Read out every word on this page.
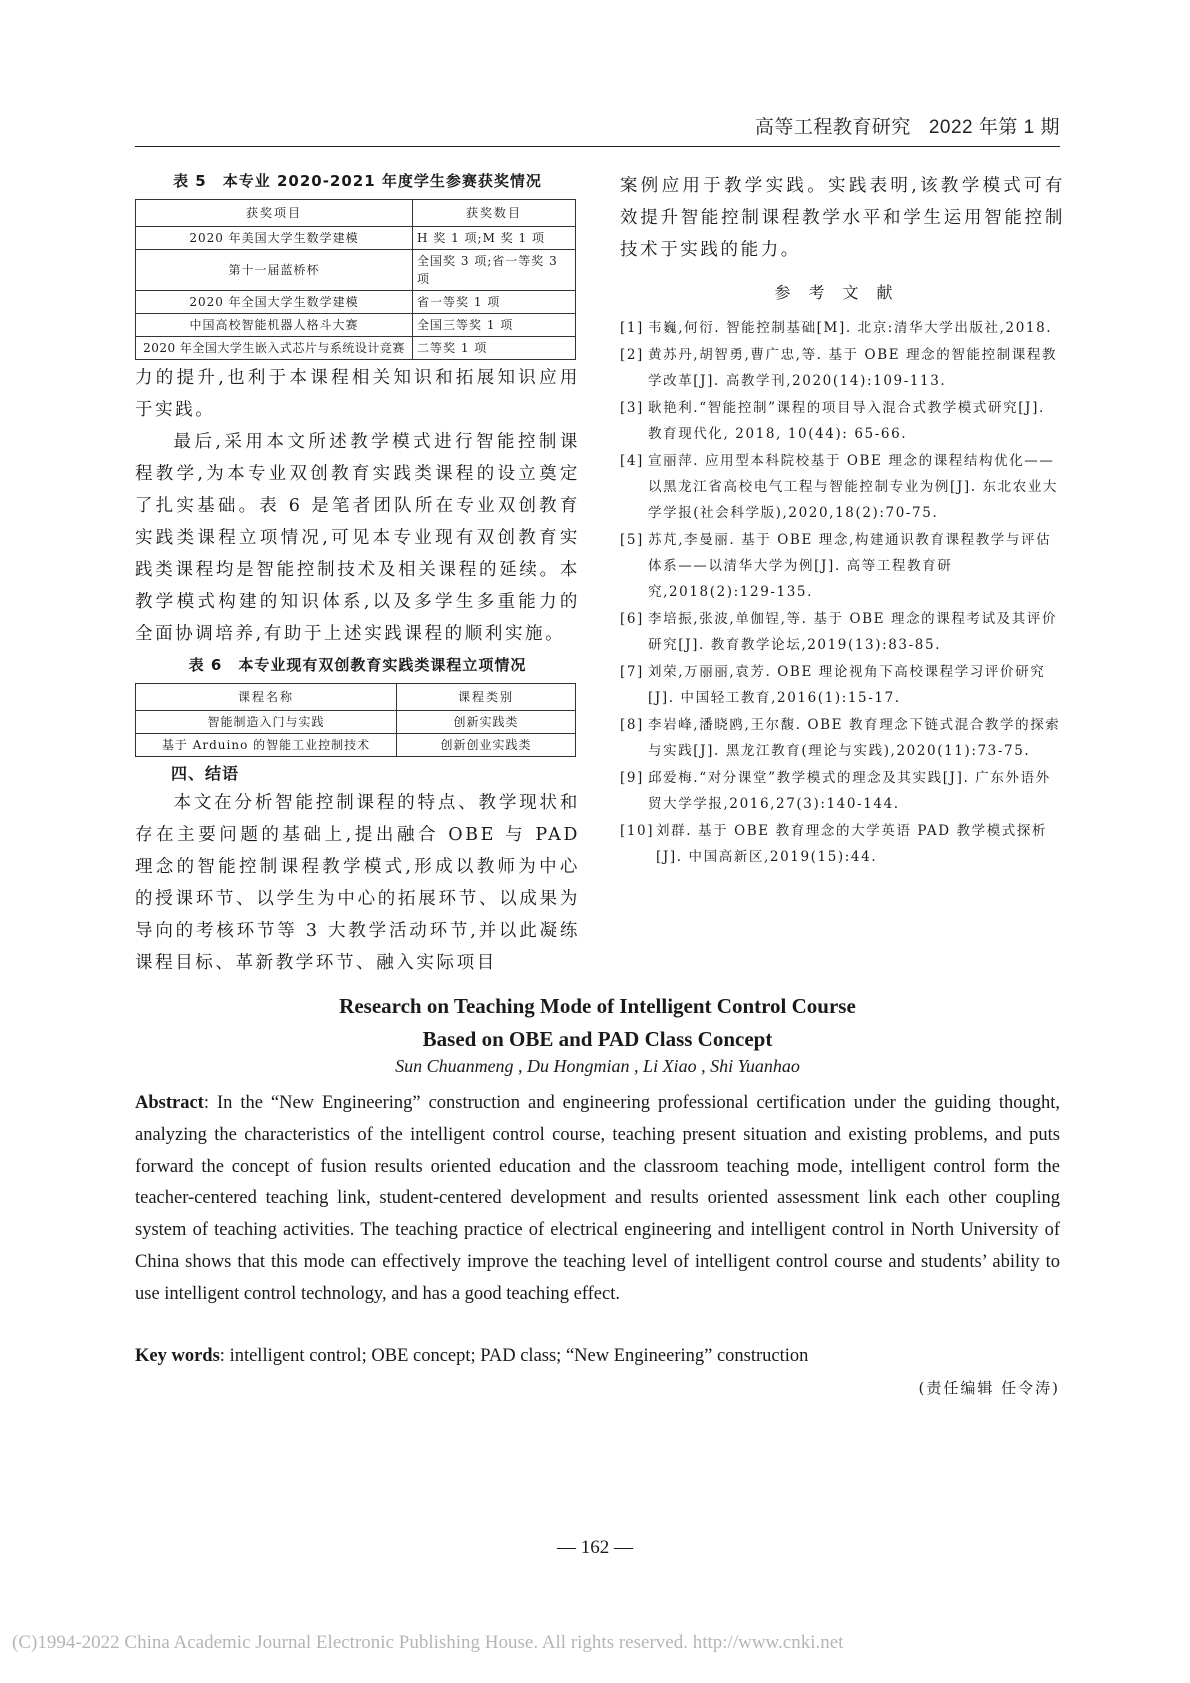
高等工程教育研究 2022 年第 1 期
表 5　本专业 2020-2021 年度学生参赛获奖情况
获奖项目	获奖数目
2020 年美国大学生数学建模	H 奖 1 项;M 奖 1 项
第十一届蓝桥杯	全国奖 3 项;省一等奖 3 项
2020 年全国大学生数学建模	省一等奖 1 项
中国高校智能机器人格斗大赛	全国三等奖 1 项
2020 年全国大学生嵌入式芯片与系统设计竞赛	二等奖 1 项

力的提升,也利于本课程相关知识和拓展知识应用于实践。

最后,采用本文所述教学模式进行智能控制课程教学,为本专业双创教育实践类课程的设立奠定了扎实基础。表 6 是笔者团队所在专业双创教育实践类课程立项情况,可见本专业现有双创教育实践类课程均是智能控制技术及相关课程的延续。本教学模式构建的知识体系,以及多学生多重能力的全面协调培养,有助于上述实践课程的顺利实施。

表 6　本专业现有双创教育实践类课程立项情况
课程名称	课程类别
智能制造入门与实践	创新实践类
基于 Arduino 的智能工业控制技术	创新创业实践类
四、结语

本文在分析智能控制课程的特点、教学现状和存在主要问题的基础上,提出融合 OBE 与 PAD 理念的智能控制课程教学模式,形成以教师为中心的授课环节、以学生为中心的拓展环节、以成果为导向的考核环节等 3 大教学活动环节,并以此凝练课程目标、革新教学环节、融入实际项目

案例应用于教学实践。实践表明,该教学模式可有效提升智能控制课程教学水平和学生运用智能控制技术于实践的能力。

参考文献
[1] 韦巍,何衍. 智能控制基础[M]. 北京:清华大学出版社,2018.
[2] 黄苏丹,胡智勇,曹广忠,等. 基于 OBE 理念的智能控制课程教学改革[J]. 高教学刊,2020(14):109-113.
[3] 耿艳利.“智能控制”课程的项目导入混合式教学模式研究[J]. 教育现代化, 2018, 10(44): 65-66.
[4] 宣丽萍. 应用型本科院校基于 OBE 理念的课程结构优化——以黑龙江省高校电气工程与智能控制专业为例[J]. 东北农业大学学报(社会科学版),2020,18(2):70-75.
[5] 苏芃,李曼丽. 基于 OBE 理念,构建通识教育课程教学与评估体系——以清华大学为例[J]. 高等工程教育研究,2018(2):129-135.
[6] 李培振,张波,单伽锃,等. 基于 OBE 理念的课程考试及其评价研究[J]. 教育教学论坛,2019(13):83-85.
[7] 刘荣,万丽丽,袁芳. OBE 理论视角下高校课程学习评价研究[J]. 中国轻工教育,2016(1):15-17.
[8] 李岩峰,潘晓鸥,王尔馥. OBE 教育理念下链式混合教学的探索与实践[J]. 黑龙江教育(理论与实践),2020(11):73-75.
[9] 邱爱梅.“对分课堂”教学模式的理念及其实践[J]. 广东外语外贸大学学报,2016,27(3):140-144.
[10] 刘群. 基于 OBE 教育理念的大学英语 PAD 教学模式探析[J]. 中国高新区,2019(15):44.
Research on Teaching Mode of Intelligent Control Course
Based on OBE and PAD Class Concept
Sun Chuanmeng , Du Hongmian , Li Xiao , Shi Yuanhao
Abstract: In the “New Engineering” construction and engineering professional certification under the guiding thought, analyzing the characteristics of the intelligent control course, teaching present situation and existing problems, and puts forward the concept of fusion results oriented education and the classroom teaching mode, intelligent control form the teacher-centered teaching link, student-centered development and results oriented assessment link each other coupling system of teaching activities. The teaching practice of electrical engineering and intelligent control in North University of China shows that this mode can effectively improve the teaching level of intelligent control course and students’ ability to use intelligent control technology, and has a good teaching effect.
Key words: intelligent control; OBE concept; PAD class; “New Engineering” construction
(责任编辑 任令涛)
— 162 —
(C)1994-2022 China Academic Journal Electronic Publishing House. All rights reserved. http://www.cnki.net
